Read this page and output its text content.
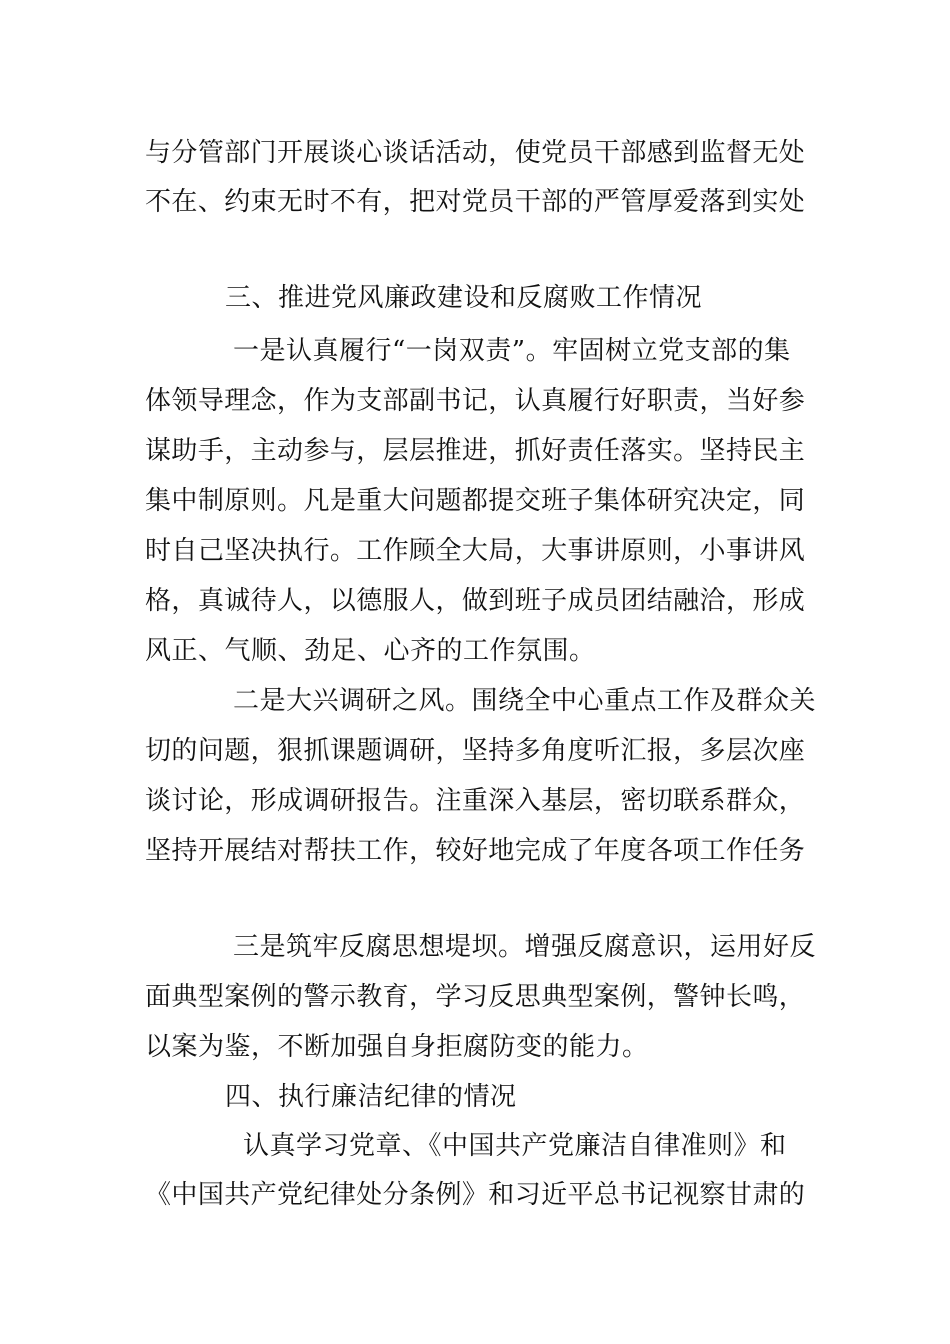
与 分 管 部 门 开 展 谈 心 谈 话 活 动 ， 使 党 员 干 部 感 到 监 督 无 处
不 在 、 约 束 无 时 不 有 ， 把 对 党 员 干 部 的 严 管 厚 爱 落 到 实 处
三、推进党风廉政建设和反腐败工作情况
一是认真履行“一岗双责”。牢固树立党支部的集
体 领 导 理 念 ， 作 为 支 部 副 书 记 ， 认 真 履 行 好 职 责 ， 当 好 参
谋 助 手 ， 主 动 参 与 ， 层 层 推 进 ， 抓 好 责 任 落 实 。 坚 持 民 主
集 中 制 原 则 。 凡 是 重 大 问 题 都 提 交 班 子 集 体 研 究 决 定 ， 同
时 自 己 坚 决 执 行 。 工 作 顾 全 大 局 ， 大 事 讲 原 则 ， 小 事 讲 风
格 ， 真 诚 待 人 ， 以 德 服 人 ， 做 到 班 子 成 员 团 结 融 洽 ， 形 成
风正、气顺、劲足、心齐的工作氛围。
二是大兴调研之风。围绕全中心重点工作及群众关
切 的 问 题 ， 狠 抓 课 题 调 研 ， 坚 持 多 角 度 听 汇 报 ， 多 层 次 座
谈 讨 论 ， 形 成 调 研 报 告 。 注 重 深 入 基 层 ， 密 切 联 系 群 众 ，
坚 持 开 展 结 对 帮 扶 工 作 ， 较 好 地 完 成 了 年 度 各 项 工 作 任 务
三是筑牢反腐思想堤坝。增强反腐意识，运用好反
面 典 型 案 例 的 警 示 教 育 ， 学 习 反 思 典 型 案 例 ， 警 钟 长 鸣 ，
以案为鉴，不断加强自身拒腐防变的能力。
四、执行廉洁纪律的情况
认真学习党章、《中国共产党廉洁自律准则》和
《 中 国 共 产 党 纪 律 处 分 条 例 》 和 习 近 平 总 书 记 视 察 甘 肃 的
